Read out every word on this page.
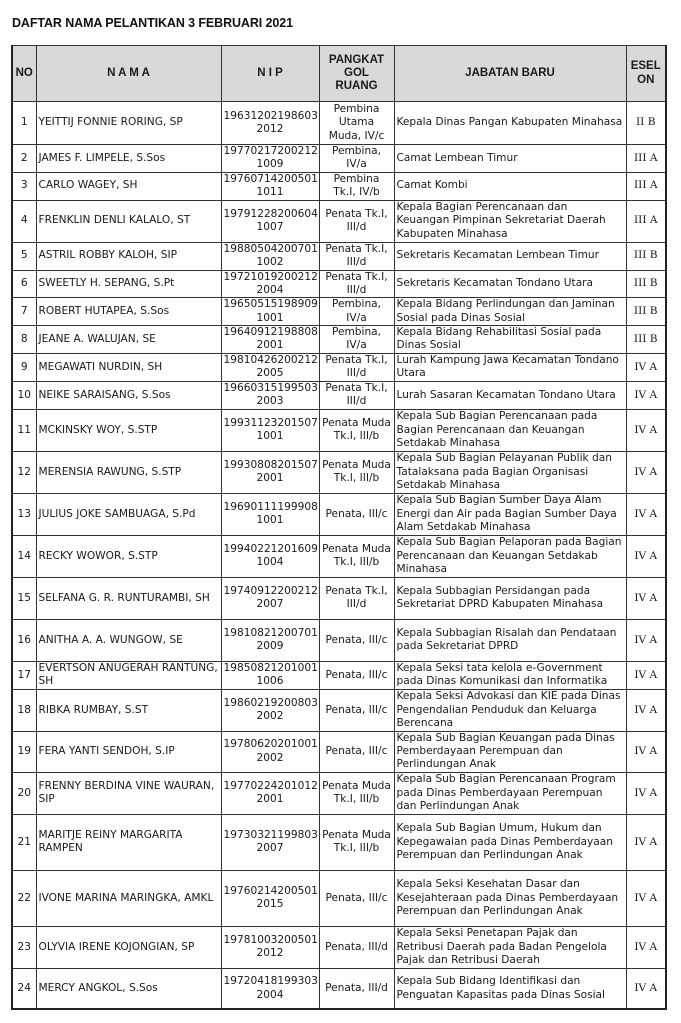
DAFTAR NAMA PELANTIKAN 3 FEBRUARI 2021
NO	N A M A	N I P	PANGKAT GOL RUANG	JABATAN BARU	ESEL ON
1	YEITTIJ FONNIE RORING, SP	19631202198603 2012	Pembina Utama Muda, IV/c	Kepala Dinas Pangan Kabupaten Minahasa	II B
2	JAMES F. LIMPELE, S.Sos	19770217200212 1009	Pembina, IV/a	Camat Lembean Timur	III A
3	CARLO WAGEY, SH	19760714200501 1011	Pembina Tk.I, IV/b	Camat Kombi	III A
4	FRENKLIN DENLI KALALO, ST	19791228200604 1007	Penata Tk.I, III/d	Kepala Bagian Perencanaan dan Keuangan Pimpinan Sekretariat Daerah Kabupaten Minahasa	III A
5	ASTRIL ROBBY KALOH, SIP	19880504200701 1002	Penata Tk.I, III/d	Sekretaris Kecamatan Lembean Timur	III B
6	SWEETLY H. SEPANG, S.Pt	19721019200212 2004	Penata Tk.I, III/d	Sekretaris Kecamatan Tondano Utara	III B
7	ROBERT HUTAPEA, S.Sos	19650515198909 1001	Pembina, IV/a	Kepala Bidang Perlindungan dan Jaminan Sosial pada Dinas Sosial	III B
8	JEANE A. WALUJAN, SE	19640912198808 2001	Pembina, IV/a	Kepala Bidang Rehabilitasi Sosial pada Dinas Sosial	III B
9	MEGAWATI NURDIN, SH	19810426200212 2005	Penata Tk.I, III/d	Lurah Kampung Jawa Kecamatan Tondano Utara	IV A
10	NEIKE SARAISANG, S.Sos	19660315199503 2003	Penata Tk.I, III/d	Lurah Sasaran Kecamatan Tondano Utara	IV A
11	MCKINSKY WOY, S.STP	19931123201507 1001	Penata Muda Tk.I, III/b	Kepala Sub Bagian Perencanaan pada Bagian Perencanaan dan Keuangan Setdakab Minahasa	IV A
12	MERENSIA RAWUNG, S.STP	19930808201507 2001	Penata Muda Tk.I, III/b	Kepala Sub Bagian Pelayanan Publik dan Tatalaksana pada Bagian Organisasi Setdakab Minahasa	IV A
13	JULIUS JOKE SAMBUAGA, S.Pd	19690111199908 1001	Penata, III/c	Kepala Sub Bagian Sumber Daya Alam Energi dan Air pada Bagian Sumber Daya Alam Setdakab Minahasa	IV A
14	RECKY WOWOR, S.STP	19940221201609 1004	Penata Muda Tk.I, III/b	Kepala Sub Bagian Pelaporan pada Bagian Perencanaan dan Keuangan Setdakab Minahasa	IV A
15	SELFANA G. R. RUNTURAMBI, SH	19740912200212 2007	Penata Tk.I, III/d	Kepala Subbagian Persidangan pada Sekretariat DPRD Kabupaten Minahasa	IV A
16	ANITHA A. A. WUNGOW, SE	19810821200701 2009	Penata, III/c	Kepala Subbagian Risalah dan Pendataan pada Sekretariat DPRD	IV A
17	EVERTSON ANUGERAH RANTUNG, SH	19850821201001 1006	Penata, III/c	Kepala Seksi tata kelola e-Government pada Dinas Komunikasi dan Informatika	IV A
18	RIBKA RUMBAY, S.ST	19860219200803 2002	Penata, III/c	Kepala Seksi Advokasi dan KIE pada Dinas Pengendalian Penduduk dan Keluarga Berencana	IV A
19	FERA YANTI SENDOH, S.IP	19780620201001 2002	Penata, III/c	Kepala Sub Bagian Keuangan pada Dinas Pemberdayaan Perempuan dan Perlindungan Anak	IV A
20	FRENNY BERDINA VINE WAURAN, SIP	19770224201012 2001	Penata Muda Tk.I, III/b	Kepala Sub Bagian Perencanaan Program pada Dinas Pemberdayaan Perempuan dan Perlindungan Anak	IV A
21	MARITJE REINY MARGARITA RAMPEN	19730321199803 2007	Penata Muda Tk.I, III/b	Kepala Sub Bagian Umum, Hukum dan Kepegawaian pada Dinas Pemberdayaan Perempuan dan Perlindungan Anak	IV A
22	IVONE MARINA MARINGKA, AMKL	19760214200501 2015	Penata, III/c	Kepala Seksi Kesehatan Dasar dan Kesejahteraan pada Dinas Pemberdayaan Perempuan dan Perlindungan Anak	IV A
23	OLYVIA IRENE KOJONGIAN, SP	19781003200501 2012	Penata, III/d	Kepala Seksi Penetapan Pajak dan Retribusi Daerah pada Badan Pengelola Pajak dan Retribusi Daerah	IV A
24	MERCY ANGKOL, S.Sos	19720418199303 2004	Penata, III/d	Kepala Sub Bidang Identifikasi dan Penguatan Kapasitas pada Dinas Sosial	IV A
